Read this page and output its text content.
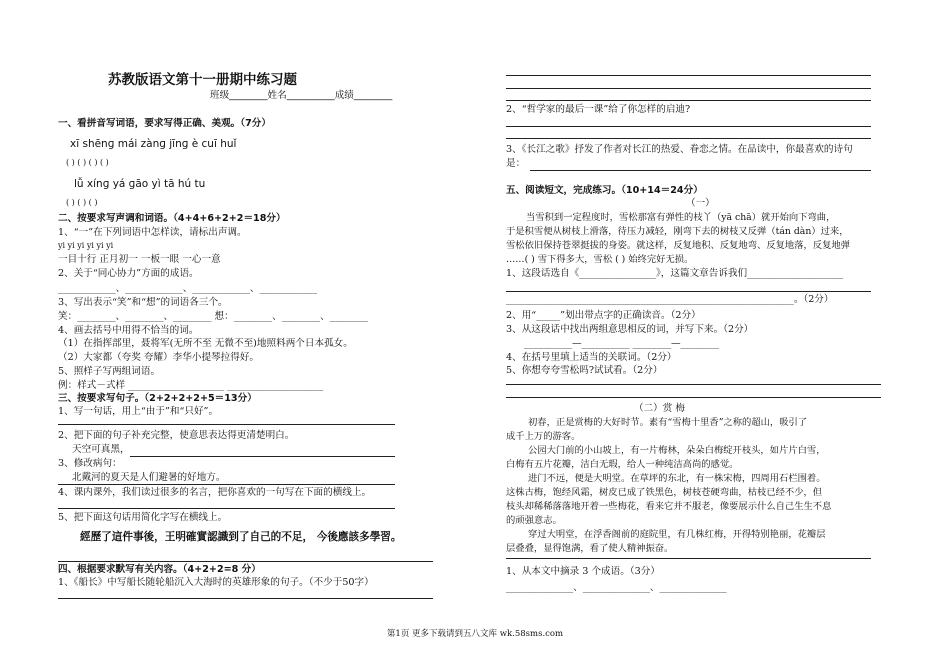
苏教版语文第十一册期中练习题
班级________姓名__________成绩________
一、看拼音写词语，要求写得正确、美观。（7分）
xī shēnɡ mái zànɡ jīnɡ è cuī huǐ
( ) ( ) ( ) ( )
lǚ xínɡ yá ɡāo yì tā hú tu
( ) ( ) ( )
二、按要求写声调和词语。（4+4+6+2+2＝18分）
1、“一”在下列词语中怎样读，请标出声调。
yi yi yi yi yi yi
一目十行 正月初一 一板一眼 一心一意
2、关于“同心协力”方面的成语。
____________、____________、____________、____________
3、写出表示“笑”和“想”的词语各三个。
笑：________、________、________ 想：________、________、________
4、画去括号中用得不恰当的词。
（1）在指挥部里，聂将军(无所不至 无微不至)地照料两个日本孤女。
（2）大家都（夸奖 夸耀）李华小提琴拉得好。
5、照样子写两组词语。
例：样式－式样 ____________________ ____________________
三、按要求写句子。（2+2+2+2+5＝13分）
1、写一句话，用上“由于”和“只好”。
2、把下面的句子补充完整，使意思表达得更清楚明白。
天空可真黑，
3、修改病句：
北戴河的夏天是人们避暑的好地方。
4、课内课外，我们读过很多的名言，把你喜欢的一句写在下面的横线上。
5、把下面这句话用简化字写在横线上。
經歷了這件事後，王明確實認識到了自己的不足， 今後應該多學習。
四、根据要求默写有关内容。（4+2+2=8 分）
1、《船长》中写船长随轮船沉入大海时的英雄形象的句子。（不少于50字）
2、“哲学家的最后一课”给了你怎样的启迪?
3、《长江之歌》抒发了作者对长江的热爱、眷恋之情。在品读中，你最喜欢的诗句
是：
五、阅读短文，完成练习。（10+14＝24分）
（一）
当雪积到一定程度时，雪松那富有弹性的枝丫（yā chā）就开始向下弯曲，
于是积雪便从树枝上滑落，待压力减轻，刚弯下去的树枝又反弹（tán dàn）过来，
雪松依旧保持苍翠挺拔的身姿。就这样，反复地积、反复地弯、反复地落，反复地弹
……( ) 雪下得多大，雪松 ( ) 始终完好无损。
1、这段话选自《________________》，这篇文章告诉我们____________________
____________________________________________________________。（2分）
2、用“_____”划出带点字的正确读音。（2分）
3、从这段话中找出两组意思相反的词，并写下来。（2分）
__________—__________ ________—________
4、在括号里填上适当的关联词。（2分）
5、你想夸夸雪松吗?试试看。（2分）
（二）赏 梅
初春，正是赏梅的大好时节。素有“雪梅十里香”之称的超山，吸引了
成千上万的游客。
公园大门前的小山坡上，有一片梅林，朵朵白梅绽开枝头，如片片白雪，
白梅有五片花瓣，洁白无瑕，给人一种纯洁高尚的感觉。
进门不远，便是大明堂。在草坪的东北，有一株宋梅，四周用石栏围着。
这株古梅，饱经风霜，树皮已成了铁黑色，树枝苍硬弯曲，枯枝已经不少，但
枝头却稀稀落落地开着一些梅花，看来它并不服老，像要展示什么自己生生不息
的顽强意志。
穿过大明堂，在浮香阁前的庭院里，有几株红梅，开得特别艳丽，花瓣层
层叠叠，显得饱满，看了使人精神振奋。
1、从本文中摘录 3 个成语。（3分）
______________、______________、______________
第1页 更多下载请到五八文库 wk.58sms.com
